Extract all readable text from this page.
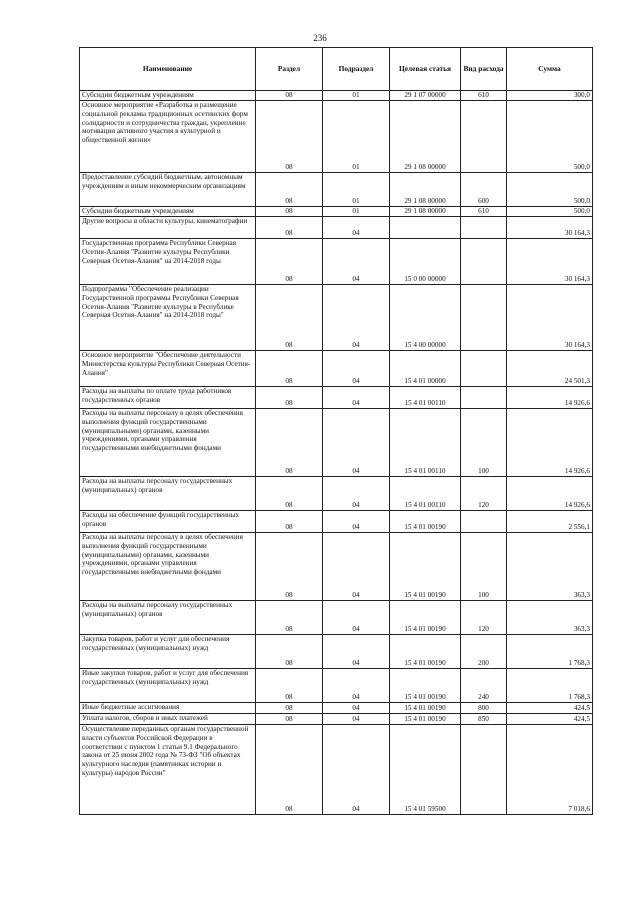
236
Наименование	Раздел	Подраздел	Целевая статья	Вид расхода	Сумма
Субсидии бюджетным учреждениям	08	01	29 1 07 00000	610	300,0
Основное мероприятие «Разработка и размещение социальной рекламы традиционных осетинских форм солидарности и сотрудничества граждан, укрепление мотивации активного участия в культурной и общественной жизни»	08	01	29 1 08 00000		500,0
Предоставление субсидий бюджетным, автономным учреждениям и иным некоммерческим организациям	08	01	29 1 08 00000	600	500,0
Субсидии бюджетным учреждениям	08	01	29 1 08 00000	610	500,0
Другие вопросы в области культуры, кинематографии	08	04			30 164,3
Государственная программа Республики Северная Осетия-Алания "Развитие культуры Республики Северная Осетия-Алания" на 2014-2018 годы	08	04	15 0 00 00000		30 164,3
Подпрограмма "Обеспечение реализации Государственной программы Республики Северная Осетия-Алания "Развитие культуры в Республике Северная Осетия-Алания" на 2014-2018 годы"	08	04	15 4 00 00000		30 164,3
Основное мероприятие "Обеспечение деятельности Министерства культуры Республики Северная Осетия-Алания"	08	04	15 4 01 00000		24 501,3
Расходы на выплаты по оплате труда работников государственных органов	08	04	15 4 01 00110		14 926,6
Расходы на выплаты персоналу в целях обеспечения выполнения функций государственными (муниципальными) органами, казенными учреждениями, органами управления государственными внебюджетными фондами	08	04	15 4 01 00110	100	14 926,6
Расходы на выплаты персоналу государственных (муниципальных) органов	08	04	15 4 01 00110	120	14 926,6
Расходы на обеспечение функций государственных органов	08	04	15 4 01 00190		2 556,1
Расходы на выплаты персоналу в целях обеспечения выполнения функций государственными (муниципальными) органами, казенными учреждениями, органами управления государственными внебюджетными фондами	08	04	15 4 01 00190	100	363,3
Расходы на выплаты персоналу государственных (муниципальных) органов	08	04	15 4 01 00190	120	363,3
Закупка товаров, работ и услуг для обеспечения государственных (муниципальных) нужд	08	04	15 4 01 00190	200	1 768,3
Иные закупки товаров, работ и услуг для обеспечения государственных (муниципальных) нужд	08	04	15 4 01 00190	240	1 768,3
Иные бюджетные ассигнования	08	04	15 4 01 00190	800	424,5
Уплата налогов, сборов и иных платежей	08	04	15 4 01 00190	850	424,5
Осуществление переданных органам государственной власти субъектов Российской Федерации в соответствии с пунктом 1 статьи 9.1 Федерального закона от 25 июня 2002 года № 73-ФЗ "Об объектах культурного наследия (памятниках истории и культуры) народов России"	08	04	15 4 01 59500		7 018,6
